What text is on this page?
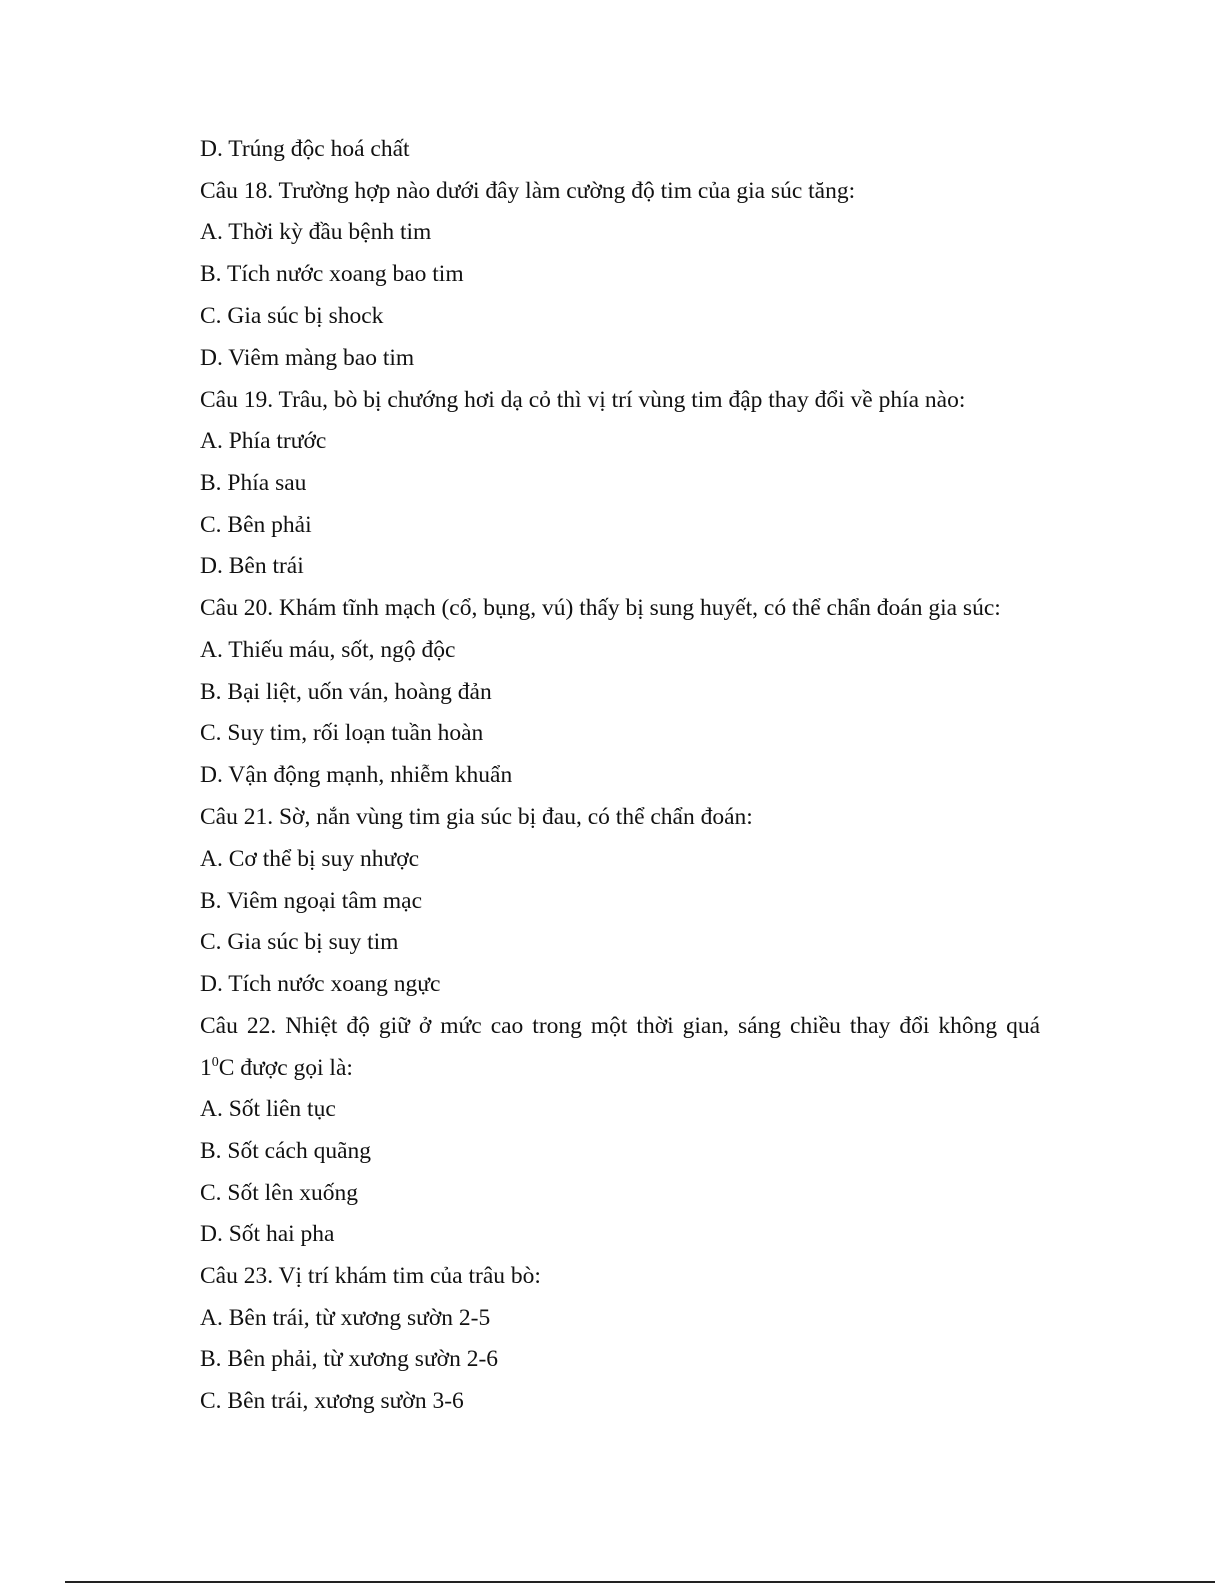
D. Trúng độc hoá chất
Câu 18. Trường hợp nào dưới đây làm cường độ tim của gia súc tăng:
A. Thời kỳ đầu bệnh tim
B. Tích nước xoang bao tim
C. Gia súc bị shock
D. Viêm màng bao tim
Câu 19. Trâu, bò bị chướng hơi dạ cỏ thì vị trí vùng tim đập thay đổi về phía nào:
A. Phía trước
B. Phía sau
C. Bên phải
D. Bên trái
Câu 20. Khám tĩnh mạch (cổ, bụng, vú) thấy bị sung huyết, có thể chẩn đoán gia súc:
A. Thiếu máu, sốt, ngộ độc
B. Bại liệt, uốn ván, hoàng đản
C. Suy tim, rối loạn tuần hoàn
D. Vận động mạnh, nhiễm khuẩn
Câu 21. Sờ, nắn vùng tim gia súc bị đau, có thể chẩn đoán:
A. Cơ thể bị suy nhược
B. Viêm ngoại tâm mạc
C. Gia súc bị suy tim
D. Tích nước xoang ngực
Câu 22. Nhiệt độ giữ ở mức cao trong một thời gian, sáng chiều thay đổi không quá
$1^0C$ được gọi là:
A. Sốt liên tục
B. Sốt cách quãng
C. Sốt lên xuống
D. Sốt hai pha
Câu 23. Vị trí khám tim của trâu bò:
A. Bên trái, từ xương sườn 2-5
B. Bên phải, từ xương sườn 2-6
C. Bên trái, xương sườn 3-6
